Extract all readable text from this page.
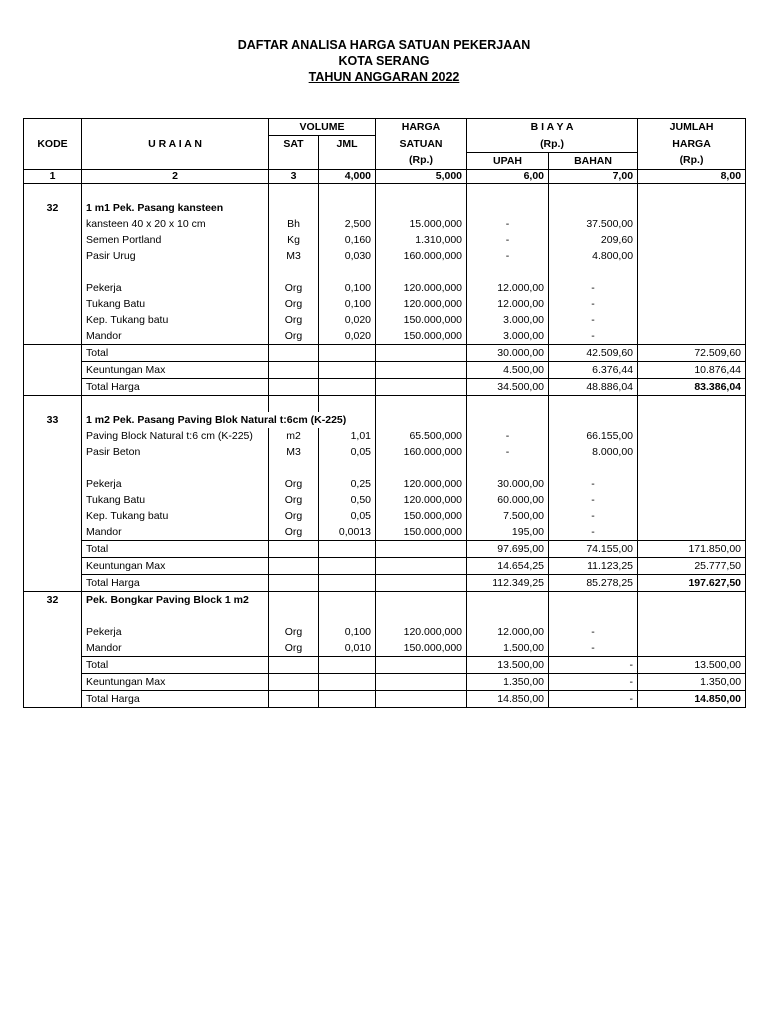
DAFTAR ANALISA HARGA SATUAN PEKERJAAN
KOTA SERANG
TAHUN ANGGARAN 2022
		VOLUME		HARGA	B I A Y A		JUMLAH
KODE	U R A I A N	SAT	JML	SATUAN	(Rp.)		HARGA
				(Rp.)	UPAH	BAHAN	(Rp.)
1	2	3	4,000	5,000	6,00	7,00	8,00

32	1 m1 Pek. Pasang kansteen						
	kansteen 40 x 20 x 10 cm	Bh	2,500	15.000,000	-	37.500,00	
	Semen Portland	Kg	0,160	1.310,000	-	209,60	
	Pasir Urug	M3	0,030	160.000,000	-	4.800,00	

	Pekerja	Org	0,100	120.000,000	12.000,00	-	
	Tukang Batu	Org	0,100	120.000,000	12.000,00	-	
	Kep. Tukang batu	Org	0,020	150.000,000	3.000,00	-	
	Mandor	Org	0,020	150.000,000	3.000,00	-	
	Total				30.000,00	42.509,60	72.509,60
	Keuntungan Max				4.500,00	6.376,44	10.876,44
	Total Harga				34.500,00	48.886,04	83.386,04

33	1 m2 Pek. Pasang Paving Blok Natural t:6cm (K-225)						
	Paving Block Natural t:6 cm (K-225)	m2	1,01	65.500,000	-	66.155,00	
	Pasir Beton	M3	0,05	160.000,000	-	8.000,00	

	Pekerja	Org	0,25	120.000,000	30.000,00	-	
	Tukang Batu	Org	0,50	120.000,000	60.000,00	-	
	Kep. Tukang batu	Org	0,05	150.000,000	7.500,00	-	
	Mandor	Org	0,0013	150.000,000	195,00	-	
	Total				97.695,00	74.155,00	171.850,00
	Keuntungan Max				14.654,25	11.123,25	25.777,50
	Total Harga				112.349,25	85.278,25	197.627,50
32	Pek. Bongkar Paving Block 1 m2						

	Pekerja	Org	0,100	120.000,000	12.000,00	-	
	Mandor	Org	0,010	150.000,000	1.500,00	-	
	Total				13.500,00	-	13.500,00
	Keuntungan Max				1.350,00	-	1.350,00
	Total Harga				14.850,00	-	14.850,00
